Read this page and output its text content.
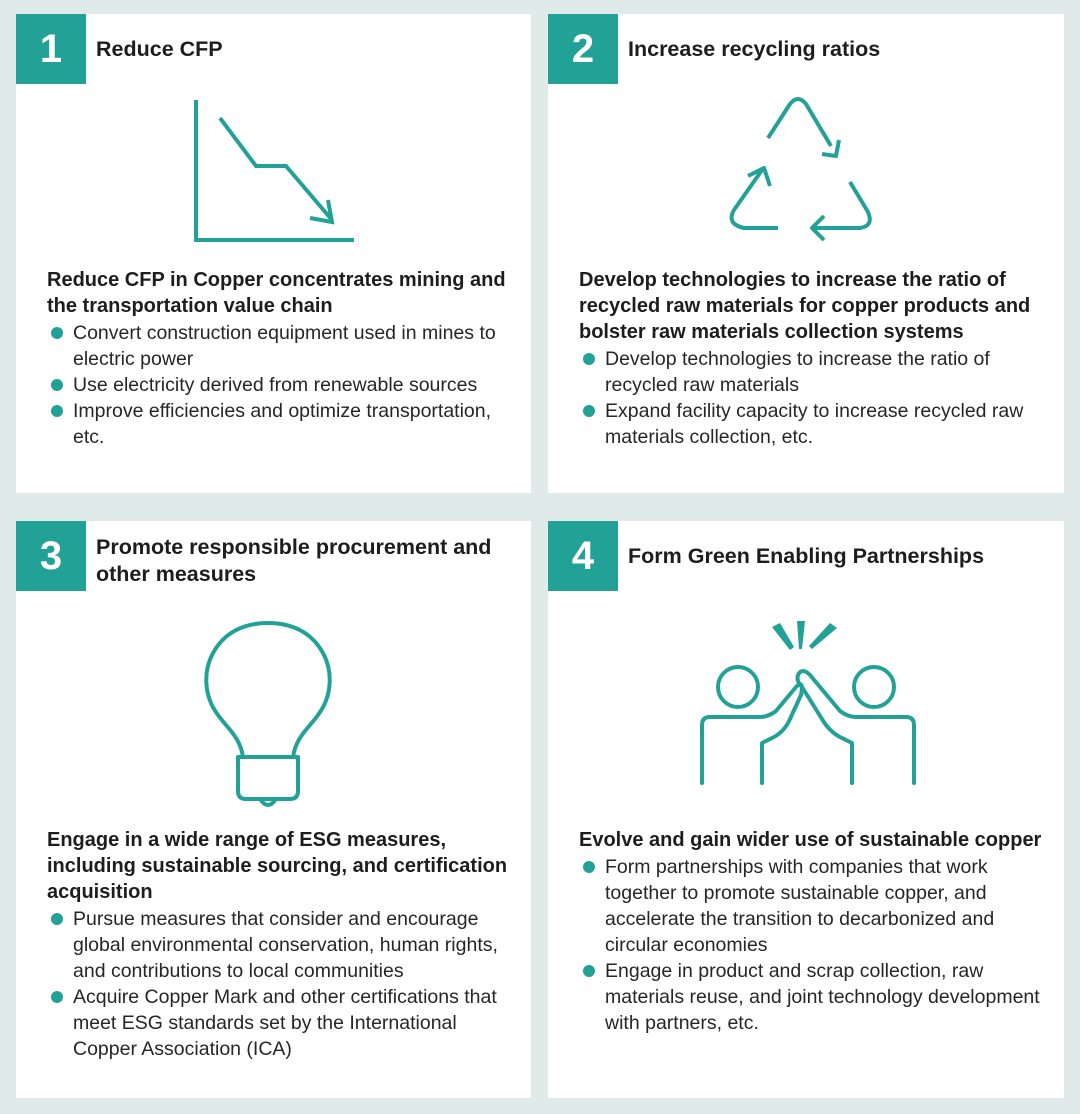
1	Reduce CFP
Reduce CFP in Copper concentrates mining and the transportation value chain
Convert construction equipment used in mines to electric power
Use electricity derived from renewable sources
Improve efficiencies and optimize transportation, etc.
2	Increase recycling ratios
Develop technologies to increase the ratio of recycled raw materials for copper products and bolster raw materials collection systems
Develop technologies to increase the ratio of recycled raw materials
Expand facility capacity to increase recycled raw materials collection, etc.
3	Promote responsible procurement and other measures
Engage in a wide range of ESG measures, including sustainable sourcing, and certification acquisition
Pursue measures that consider and encourage global environmental conservation, human rights, and contributions to local communities
Acquire Copper Mark and other certifications that meet ESG standards set by the International Copper Association (ICA)
4	Form Green Enabling Partnerships
Evolve and gain wider use of sustainable copper
Form partnerships with companies that work together to promote sustainable copper, and accelerate the transition to decarbonized and circular economies
Engage in product and scrap collection, raw materials reuse, and joint technology development with partners, etc.
